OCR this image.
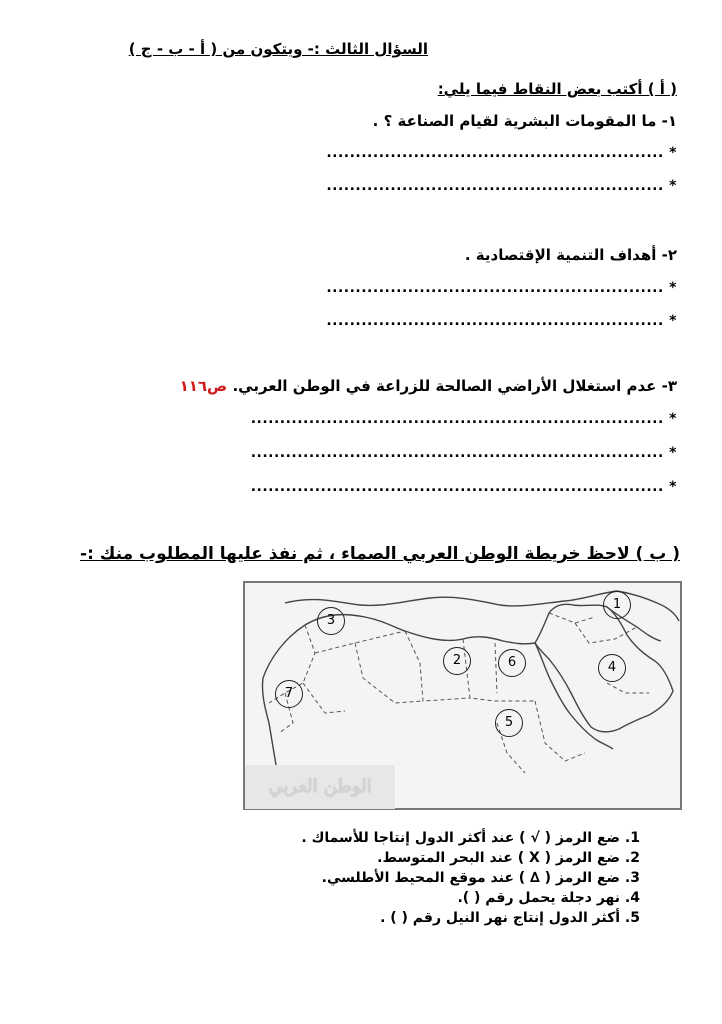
السؤال الثالث :- ويتكون من ( أ - ب - ج )
( أ ) أكتب بعض النقاط فيما يلي:
١- ما المقومات البشرية لقيام الصناعة ؟ .
* ..........................................................
* ..........................................................
٢- أهداف التنمية الإقتصادية .
* ..........................................................
* ..........................................................
٣- عدم استغلال الأراضي الصالحة للزراعة في الوطن العربي. ص١١٦
* .......................................................................
* .......................................................................
* .......................................................................
( ب ) لاحظ خريطة الوطن العربي الصماء ، ثم نفذ عليها المطلوب منك :-
1
2
3
4
5
6
7
الوطن العربي
1. ضع الرمز ( √ ) عند أكثر الدول إنتاجا للأسماك .
2. ضع الرمز ( X ) عند البحر المتوسط.
3. ضع الرمز ( ∆ ) عند موقع المحيط الأطلسي.
4. نهر دجلة يحمل رقم ( ).
5. أكثر الدول إنتاج نهر النيل رقم ( ) .
